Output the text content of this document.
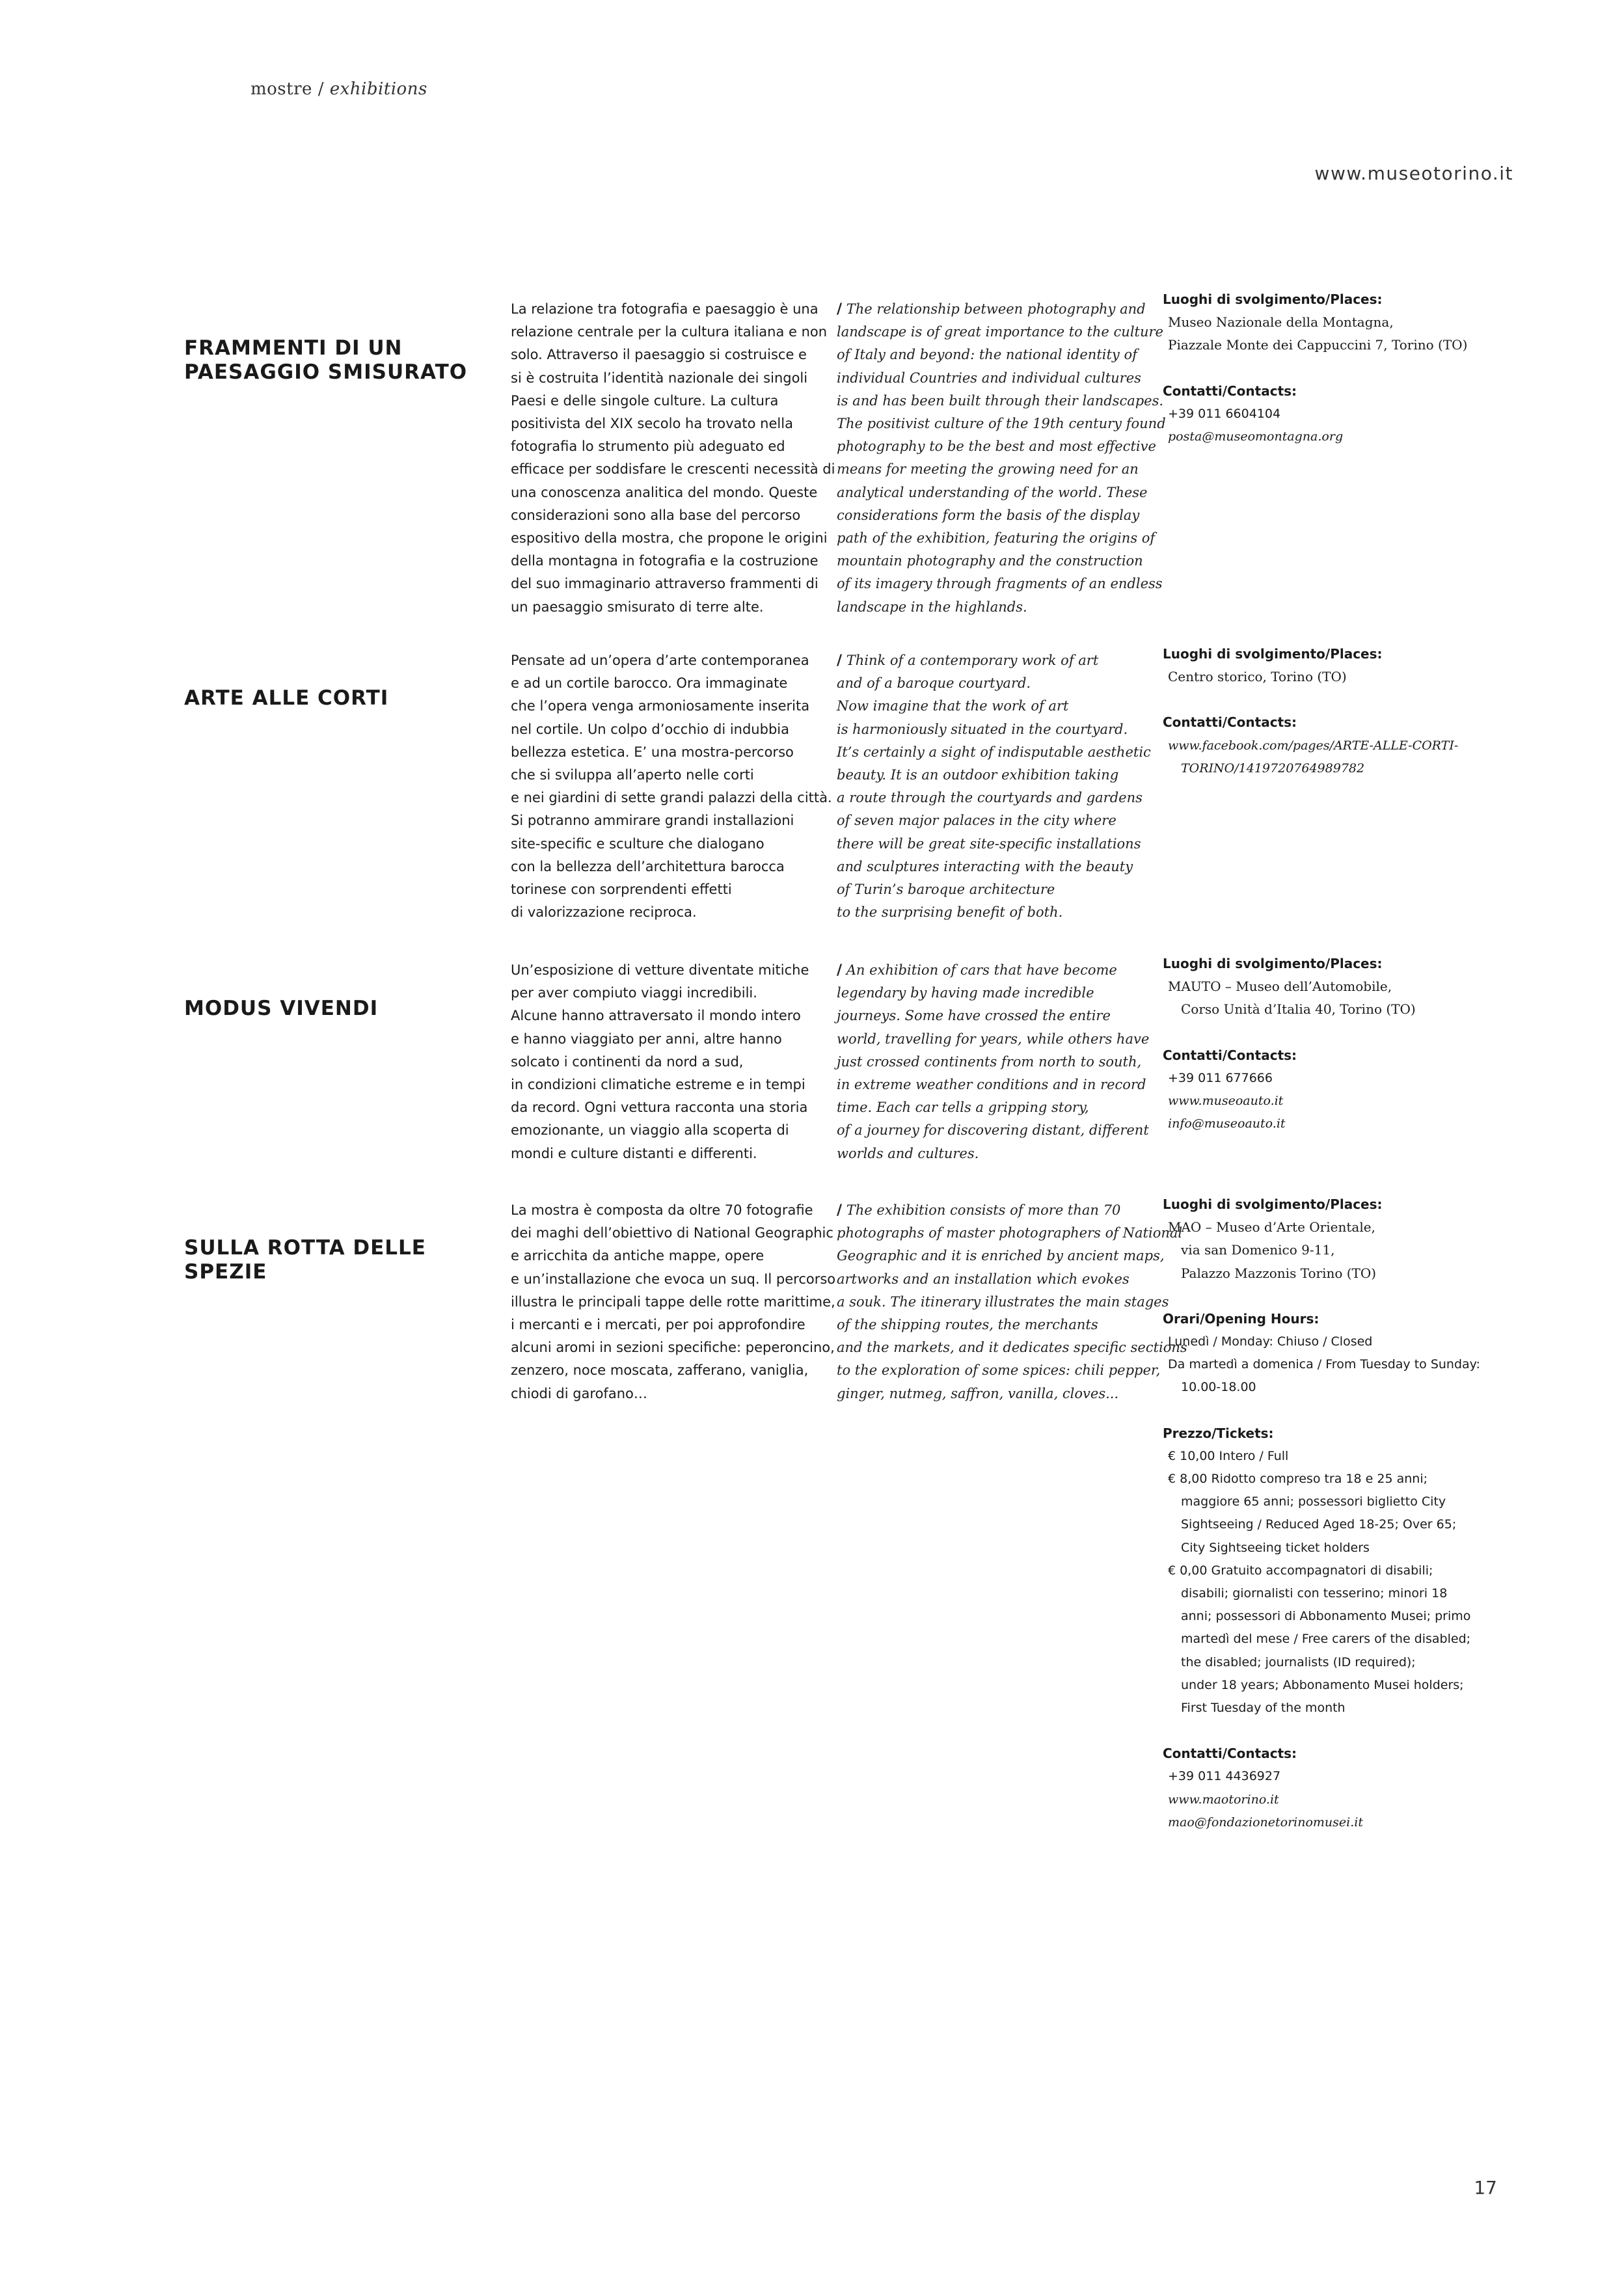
mostre / exhibitions
www.museotorino.it
FRAMMENTI DI UN
PAESAGGIO SMISURATO
La relazione tra fotografia e paesaggio è una
relazione centrale per la cultura italiana e non
solo. Attraverso il paesaggio si costruisce e
si è costruita l’identità nazionale dei singoli
Paesi e delle singole culture. La cultura
positivista del XIX secolo ha trovato nella
fotografia lo strumento più adeguato ed
efficace per soddisfare le crescenti necessità di
una conoscenza analitica del mondo. Queste
considerazioni sono alla base del percorso
espositivo della mostra, che propone le origini
della montagna in fotografia e la costruzione
del suo immaginario attraverso frammenti di
un paesaggio smisurato di terre alte.
/ The relationship between photography and
landscape is of great importance to the culture
of Italy and beyond: the national identity of
individual Countries and individual cultures
is and has been built through their landscapes.
The positivist culture of the 19th century found
photography to be the best and most effective
means for meeting the growing need for an
analytical understanding of the world. These
considerations form the basis of the display
path of the exhibition, featuring the origins of
mountain photography and the construction
of its imagery through fragments of an endless
landscape in the highlands.
Luoghi di svolgimento/Places:
Museo Nazionale della Montagna,
Piazzale Monte dei Cappuccini 7, Torino (TO)
Contatti/Contacts:
+39 011 6604104
posta@museomontagna.org
ARTE ALLE CORTI
Pensate ad un’opera d’arte contemporanea
e ad un cortile barocco. Ora immaginate
che l’opera venga armoniosamente inserita
nel cortile. Un colpo d’occhio di indubbia
bellezza estetica. E’ una mostra-percorso
che si sviluppa all’aperto nelle corti
e nei giardini di sette grandi palazzi della città.
Si potranno ammirare grandi installazioni
site-specific e sculture che dialogano
con la bellezza dell’architettura barocca
torinese con sorprendenti effetti
di valorizzazione reciproca.
/ Think of a contemporary work of art
and of a baroque courtyard.
Now imagine that the work of art
is harmoniously situated in the courtyard.
It’s certainly a sight of indisputable aesthetic
beauty. It is an outdoor exhibition taking
a route through the courtyards and gardens
of seven major palaces in the city where
there will be great site-specific installations
and sculptures interacting with the beauty
of Turin’s baroque architecture
to the surprising benefit of both.
Luoghi di svolgimento/Places:
Centro storico, Torino (TO)
Contatti/Contacts:
www.facebook.com/pages/ARTE-ALLE-CORTI-
TORINO/1419720764989782
MODUS VIVENDI
Un’esposizione di vetture diventate mitiche
per aver compiuto viaggi incredibili.
Alcune hanno attraversato il mondo intero
e hanno viaggiato per anni, altre hanno
solcato i continenti da nord a sud,
in condizioni climatiche estreme e in tempi
da record. Ogni vettura racconta una storia
emozionante, un viaggio alla scoperta di
mondi e culture distanti e differenti.
/ An exhibition of cars that have become
legendary by having made incredible
journeys. Some have crossed the entire
world, travelling for years, while others have
just crossed continents from north to south,
in extreme weather conditions and in record
time. Each car tells a gripping story,
of a journey for discovering distant, different
worlds and cultures.
Luoghi di svolgimento/Places:
MAUTO – Museo dell’Automobile,
Corso Unità d’Italia 40, Torino (TO)
Contatti/Contacts:
+39 011 677666
www.museoauto.it
info@museoauto.it
SULLA ROTTA DELLE SPEZIE
La mostra è composta da oltre 70 fotografie
dei maghi dell’obiettivo di National Geographic
e arricchita da antiche mappe, opere
e un’installazione che evoca un suq. Il percorso
illustra le principali tappe delle rotte marittime,
i mercanti e i mercati, per poi approfondire
alcuni aromi in sezioni specifiche: peperoncino,
zenzero, noce moscata, zafferano, vaniglia,
chiodi di garofano…
/ The exhibition consists of more than 70
photographs of master photographers of National
Geographic and it is enriched by ancient maps,
artworks and an installation which evokes
a souk. The itinerary illustrates the main stages
of the shipping routes, the merchants
and the markets, and it dedicates specific sections
to the exploration of some spices: chili pepper,
ginger, nutmeg, saffron, vanilla, cloves...
Luoghi di svolgimento/Places:
MAO – Museo d’Arte Orientale,
via san Domenico 9-11,
Palazzo Mazzonis Torino (TO)
Orari/Opening Hours:
Lunedì / Monday: Chiuso / Closed
Da martedì a domenica / From Tuesday to Sunday:
10.00-18.00
Prezzo/Tickets:
€ 10,00 Intero / Full
€ 8,00 Ridotto compreso tra 18 e 25 anni;
maggiore 65 anni; possessori biglietto City
Sightseeing / Reduced Aged 18-25; Over 65;
City Sightseeing ticket holders
€ 0,00 Gratuito accompagnatori di disabili;
disabili; giornalisti con tesserino; minori 18
anni; possessori di Abbonamento Musei; primo
martedì del mese / Free carers of the disabled;
the disabled; journalists (ID required);
under 18 years; Abbonamento Musei holders;
First Tuesday of the month
Contatti/Contacts:
+39 011 4436927
www.maotorino.it
mao@fondazionetorinomusei.it
17
